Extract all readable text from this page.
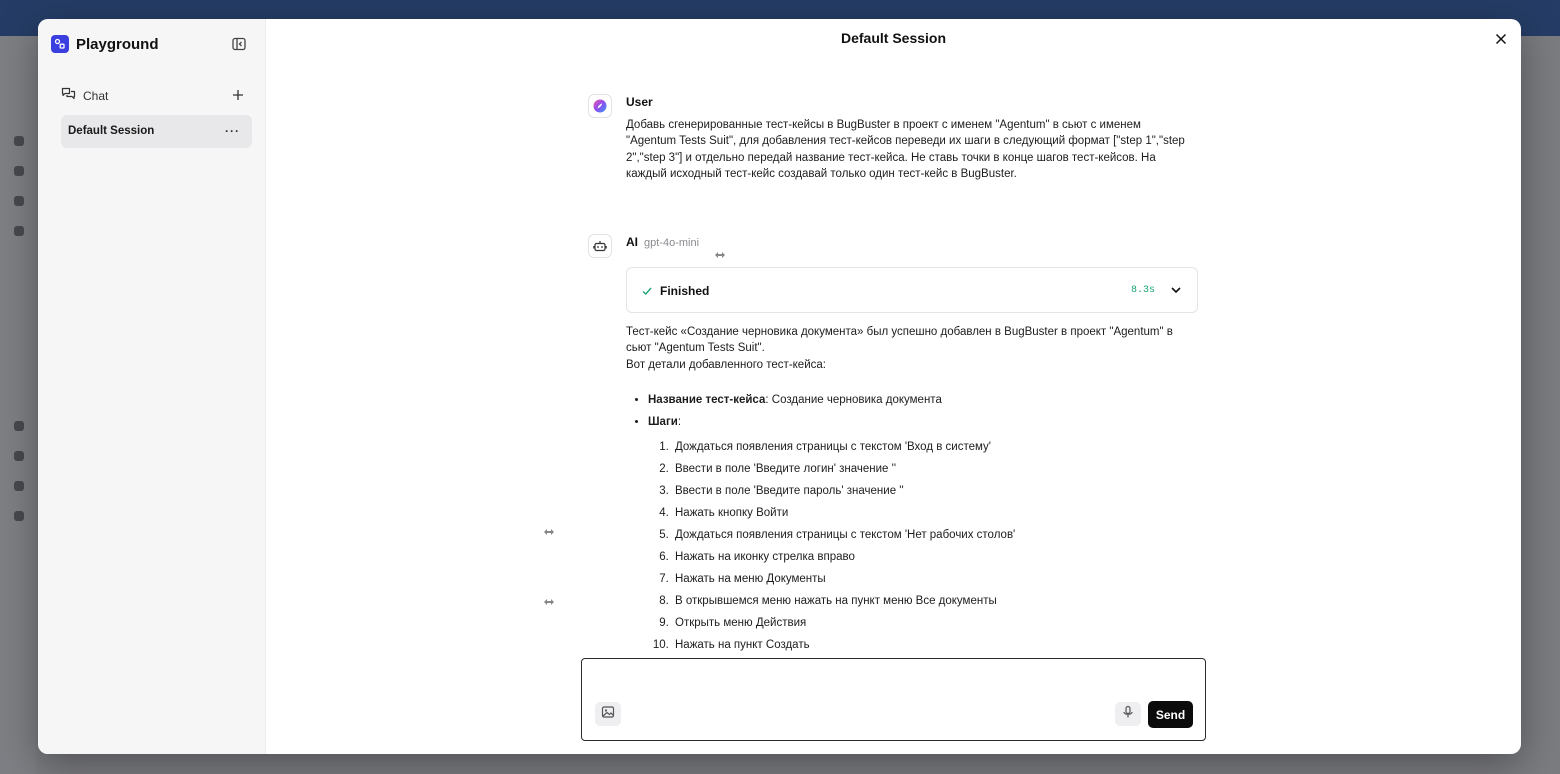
Playground
Chat
Default Session	···
Default Session
User
Добавь сгенерированные тест-кейсы в BugBuster в проект с именем "Agentum" в сьют с именем "Agentum Tests Suit", для добавления тест-кейсов переведи их шаги в следующий формат ["step 1","step 2","step 3"] и отдельно передай название тест-кейса. Не ставь точки в конце шагов тест-кейсов. На каждый исходный тест-кейс создавай только один тест-кейс в BugBuster.
AI gpt-4o-mini
Finished	8.3s

Тест-кейс «Создание черновика документа» был успешно добавлен в BugBuster в проект "Agentum" в сьют "Agentum Tests Suit".

Вот детали добавленного тест-кейса:

• Название тест-кейса: Создание черновика документа
• Шаги:
1. Дождаться появления страницы с текстом 'Вход в систему'
2. Ввести в поле 'Введите логин' значение ''
3. Ввести в поле 'Введите пароль' значение ''
4. Нажать кнопку Войти
5. Дождаться появления страницы с текстом 'Нет рабочих столов'
6. Нажать на иконку стрелка вправо
7. Нажать на меню Документы
8. В открывшемся меню нажать на пункт меню Все документы
9. Открыть меню Действия
10. Нажать на пункт Создать
Send
